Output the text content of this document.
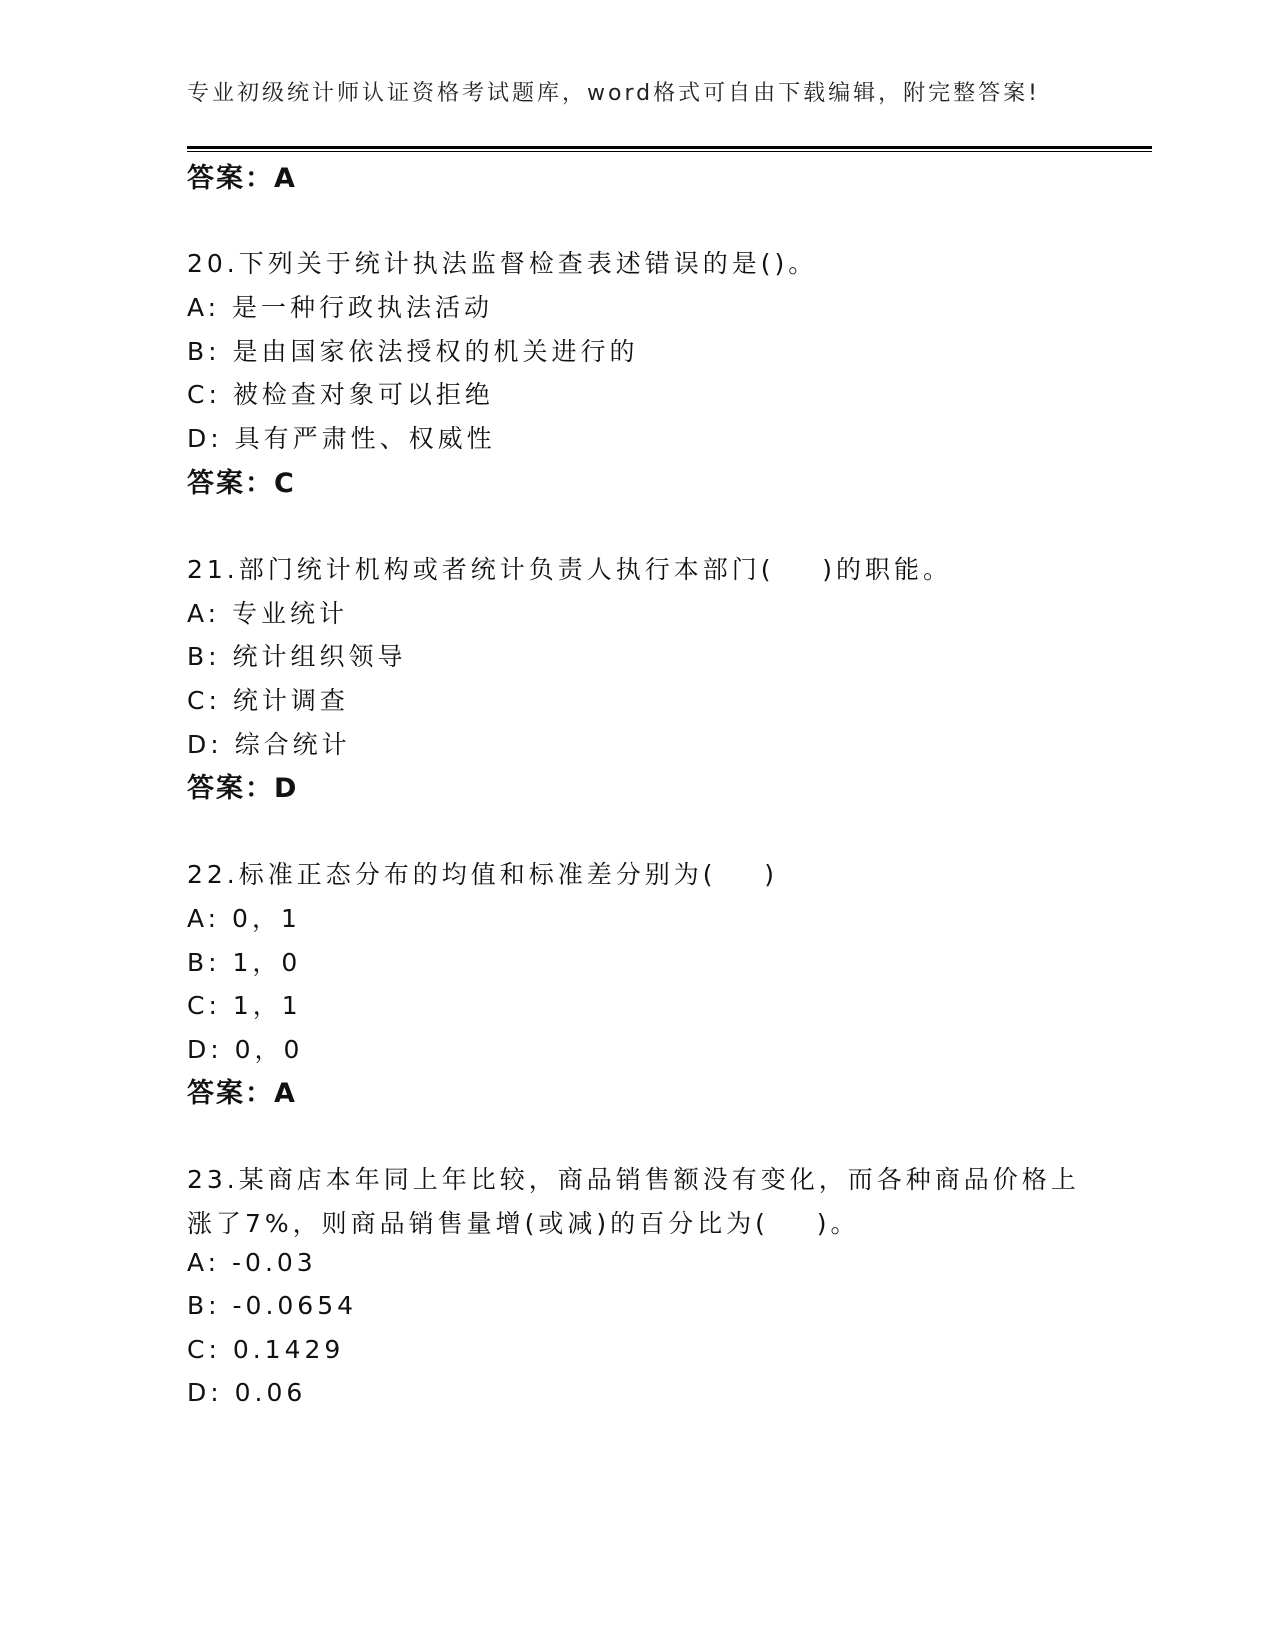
专业初级统计师认证资格考试题库，word格式可自由下载编辑，附完整答案!
答案：A
20.下列关于统计执法监督检查表述错误的是()。
A: 是一种行政执法活动
B: 是由国家依法授权的机关进行的
C: 被检查对象可以拒绝
D: 具有严肃性、权威性
答案：C
21.部门统计机构或者统计负责人执行本部门(    )的职能。
A: 专业统计
B: 统计组织领导
C: 统计调查
D: 综合统计
答案：D
22.标准正态分布的均值和标准差分别为(    )
A: 0，1
B: 1，0
C: 1，1
D: 0，0
答案：A
23.某商店本年同上年比较，商品销售额没有变化，而各种商品价格上
涨了7%，则商品销售量增(或减)的百分比为(    )。
A: -0.03
B: -0.0654
C: 0.1429
D: 0.06
